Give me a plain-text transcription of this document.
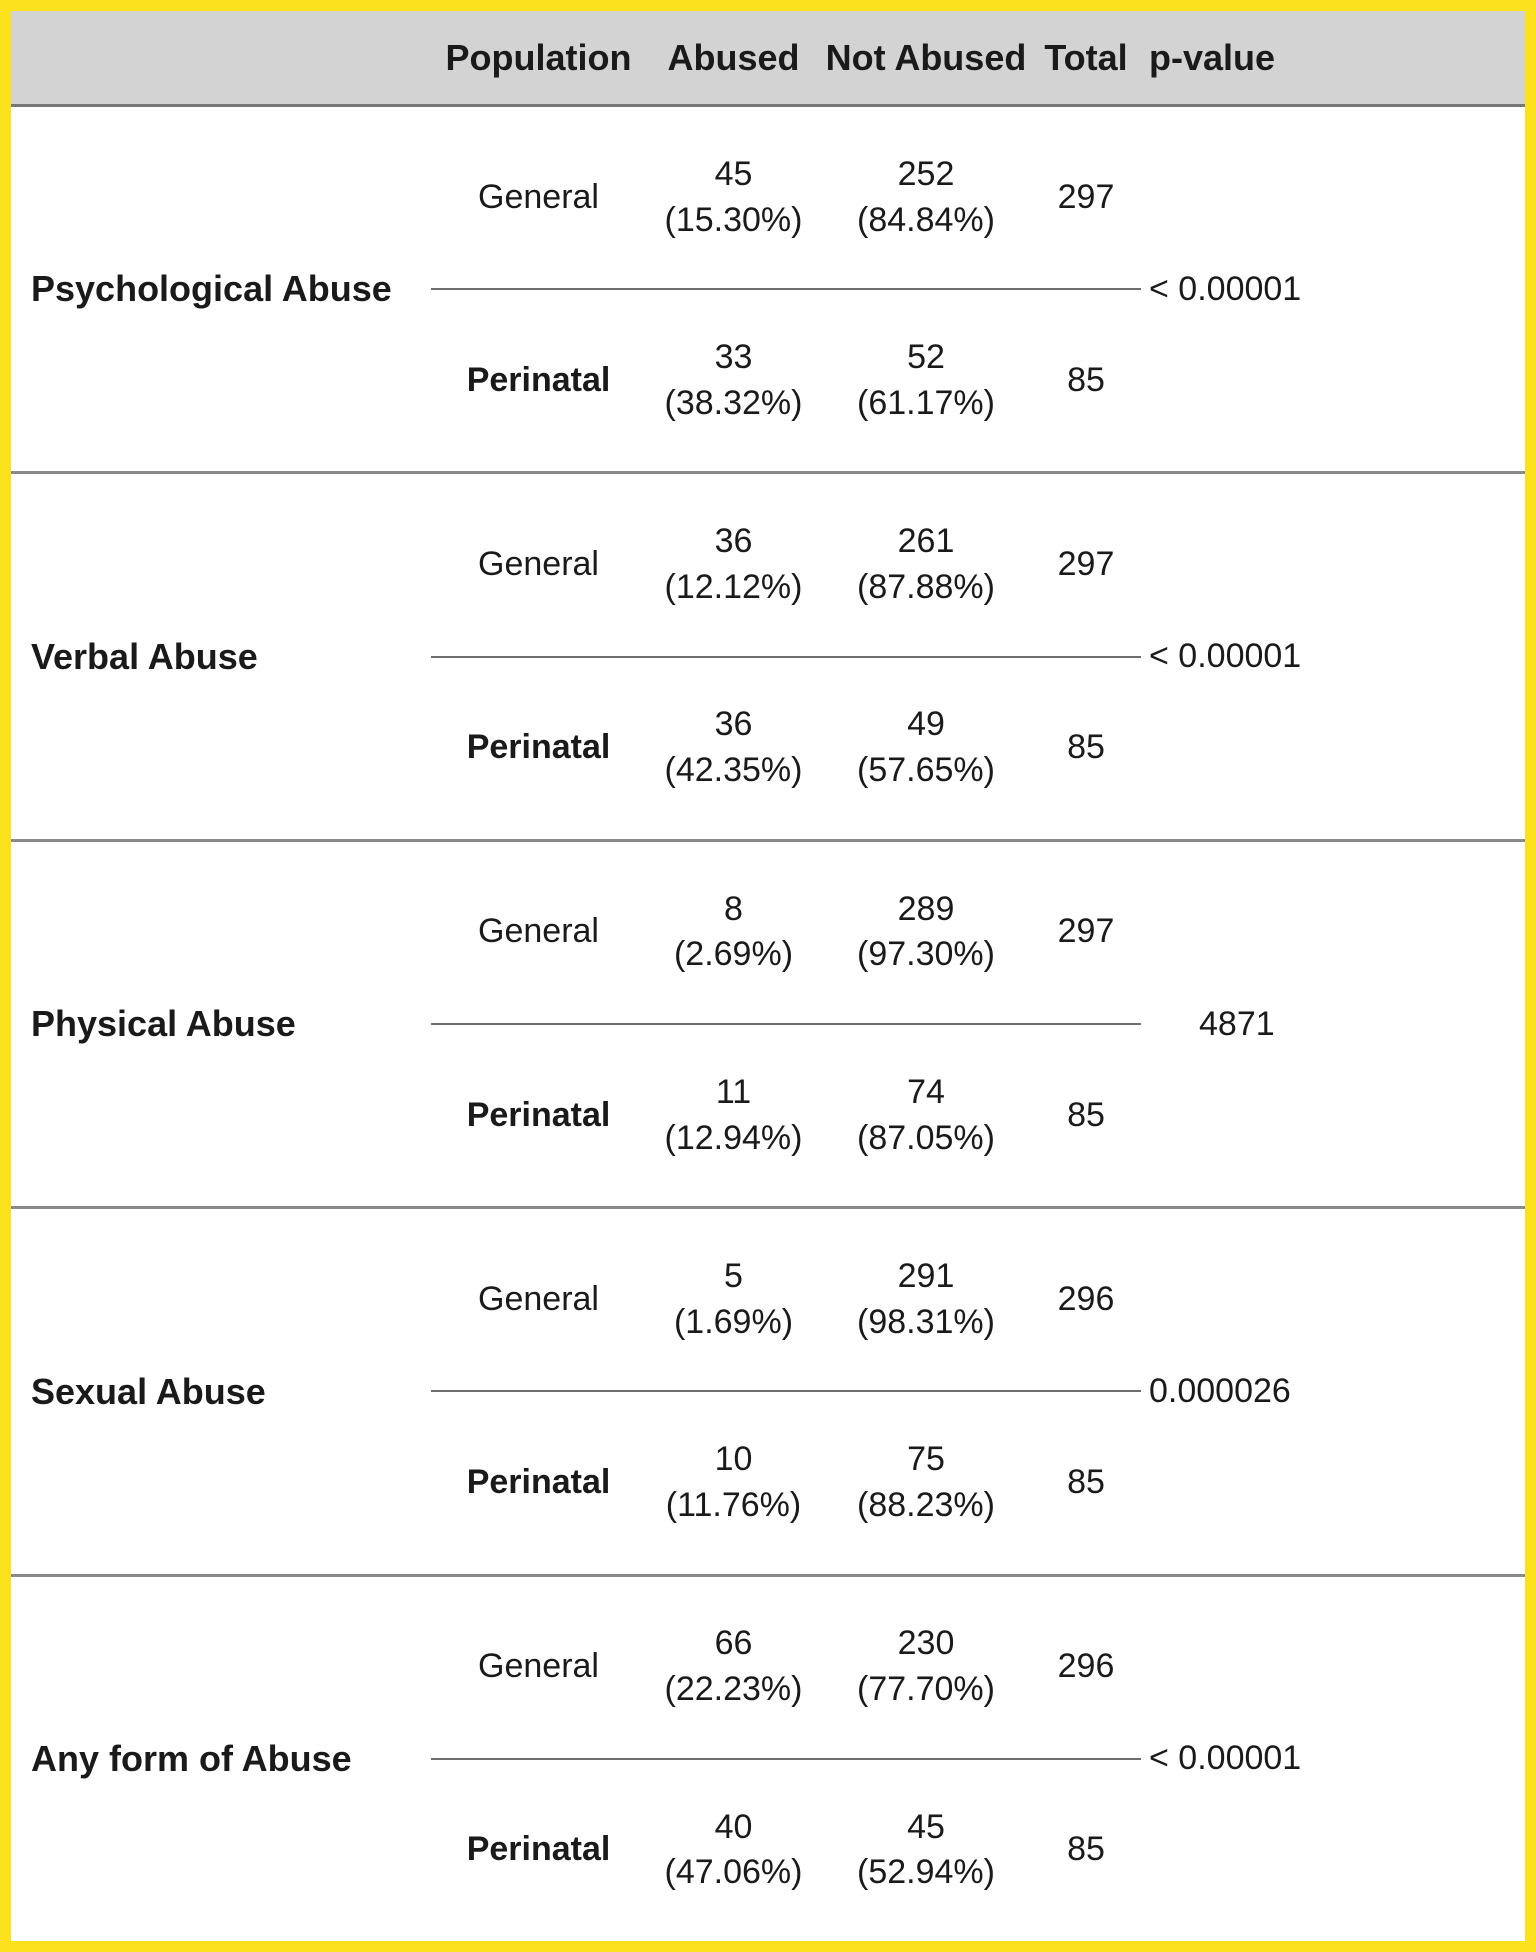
Population	Abused Not Abused Total p-value
Psychological Abuse
General
45
(15.30%)
252
(84.84%)
297
Perinatal
33
(38.32%)
52
(61.17%)
85
< 0.00001
Verbal Abuse
General
36
(12.12%)
261
(87.88%)
297
Perinatal
36
(42.35%)
49
(57.65%)
85
< 0.00001
Physical Abuse
General
8
(2.69%)
289
(97.30%)
297
Perinatal
11
(12.94%)
74
(87.05%)
85
4871
Sexual Abuse
General
5
(1.69%)
291
(98.31%)
296
Perinatal
10
(11.76%)
75
(88.23%)
85
0.000026
Any form of Abuse
General
66
(22.23%)
230
(77.70%)
296
Perinatal
40
(47.06%)
45
(52.94%)
85
< 0.00001
